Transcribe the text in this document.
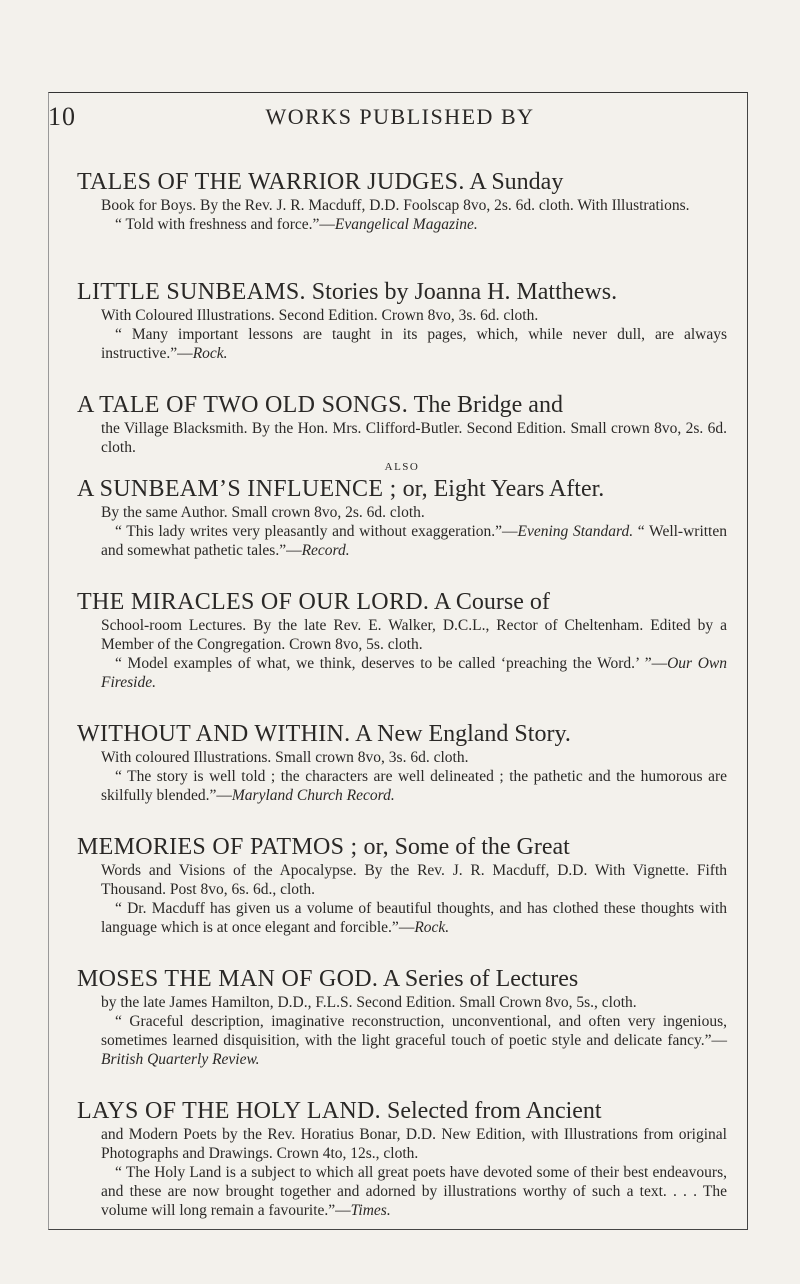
10	WORKS PUBLISHED BY
TALES OF THE WARRIOR JUDGES. A Sunday
Book for Boys. By the Rev. J. R. Macduff, D.D. Foolscap 8vo, 2s. 6d. cloth. With Illustrations.
“ Told with freshness and force.”—Evangelical Magazine.
LITTLE SUNBEAMS. Stories by Joanna H. Matthews.
With Coloured Illustrations. Second Edition. Crown 8vo, 3s. 6d. cloth.
“ Many important lessons are taught in its pages, which, while never dull, are always instructive.”—Rock.
A TALE OF TWO OLD SONGS. The Bridge and
the Village Blacksmith. By the Hon. Mrs. Clifford-Butler. Second Edition. Small crown 8vo, 2s. 6d. cloth.
ALSO
A SUNBEAM’S INFLUENCE ; or, Eight Years After.
By the same Author. Small crown 8vo, 2s. 6d. cloth.
“ This lady writes very pleasantly and without exaggeration.”—Evening Standard. “ Well-written and somewhat pathetic tales.”—Record.
THE MIRACLES OF OUR LORD. A Course of
School-room Lectures. By the late Rev. E. Walker, D.C.L., Rector of Cheltenham. Edited by a Member of the Congregation. Crown 8vo, 5s. cloth.
“ Model examples of what, we think, deserves to be called ‘preaching the Word.’ ”—Our Own Fireside.
WITHOUT AND WITHIN. A New England Story.
With coloured Illustrations. Small crown 8vo, 3s. 6d. cloth.
“ The story is well told ; the characters are well delineated ; the pathetic and the humorous are skilfully blended.”—Maryland Church Record.
MEMORIES OF PATMOS ; or, Some of the Great
Words and Visions of the Apocalypse. By the Rev. J. R. Macduff, D.D. With Vignette. Fifth Thousand. Post 8vo, 6s. 6d., cloth.
“ Dr. Macduff has given us a volume of beautiful thoughts, and has clothed these thoughts with language which is at once elegant and forcible.”—Rock.
MOSES THE MAN OF GOD. A Series of Lectures
by the late James Hamilton, D.D., F.L.S. Second Edition. Small Crown 8vo, 5s., cloth.
“ Graceful description, imaginative reconstruction, unconventional, and often very ingenious, sometimes learned disquisition, with the light graceful touch of poetic style and delicate fancy.”—British Quarterly Review.
LAYS OF THE HOLY LAND. Selected from Ancient
and Modern Poets by the Rev. Horatius Bonar, D.D. New Edition, with Illustrations from original Photographs and Drawings. Crown 4to, 12s., cloth.
“ The Holy Land is a subject to which all great poets have devoted some of their best endeavours, and these are now brought together and adorned by illustrations worthy of such a text. . . . The volume will long remain a favourite.”—Times.
